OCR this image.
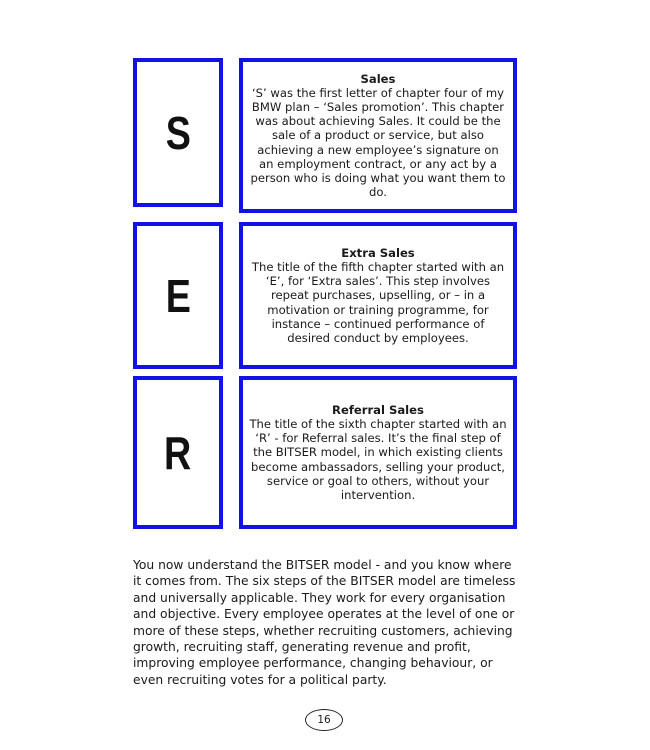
S
Sales
‘S’ was the first letter of chapter four of my BMW plan – ‘Sales promotion’. This chapter was about achieving Sales. It could be the sale of a product or service, but also achieving a new employee’s signature on an employment contract, or any act by a person who is doing what you want them to do.
E
Extra Sales
The title of the fifth chapter started with an ‘E’, for ‘Extra sales’. This step involves repeat purchases, upselling, or – in a motivation or training programme, for instance – continued performance of desired conduct by employees.
R
Referral Sales
The title of the sixth chapter started with an ‘R’ - for Referral sales. It’s the final step of the BITSER model, in which existing clients become ambassadors, selling your product, service or goal to others, without your intervention.

You now understand the BITSER model - and you know where it comes from. The six steps of the BITSER model are timeless and universally applicable. They work for every organisation and objective. Every employee operates at the level of one or more of these steps, whether recruiting customers, achieving growth, recruiting staff, generating revenue and profit, improving employee performance, changing behaviour, or even recruiting votes for a political party.

16
